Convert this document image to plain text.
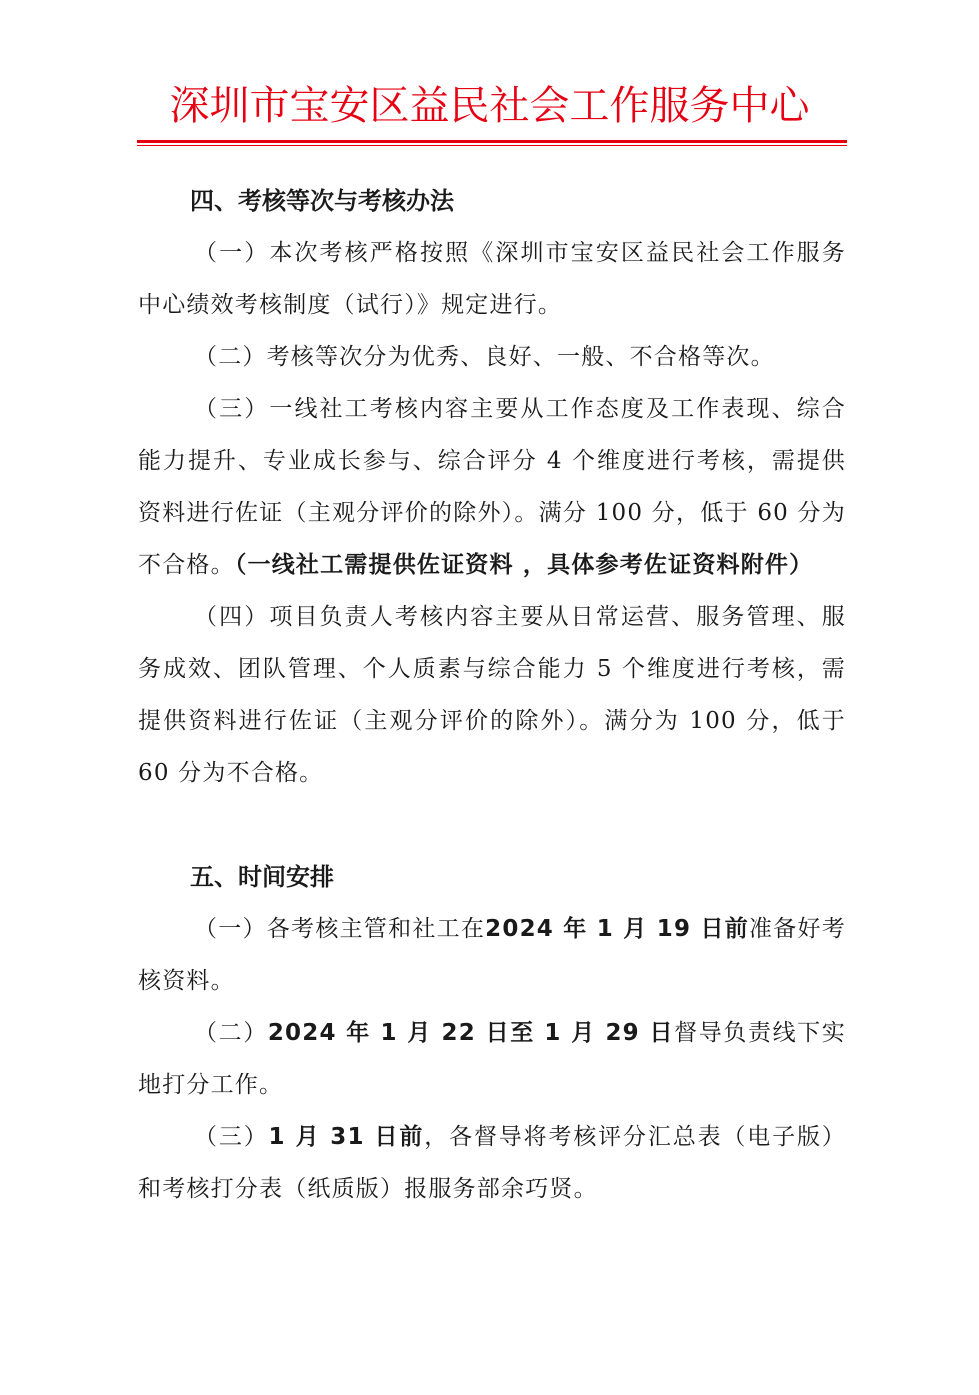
深圳市宝安区益民社会工作服务中心

四、考核等次与考核办法

（一）本次考核严格按照《深圳市宝安区益民社会工作服务中心绩效考核制度（试行）》规定进行。

（二）考核等次分为优秀、良好、一般、不合格等次。

（三）一线社工考核内容主要从工作态度及工作表现、综合能力提升、专业成长参与、综合评分 4 个维度进行考核，需提供资料进行佐证（主观分评价的除外）。满分 100 分，低于 60 分为不合格。（一线社工需提供佐证资料 ，具体参考佐证资料附件）

（四）项目负责人考核内容主要从日常运营、服务管理、服务成效、团队管理、个人质素与综合能力 5 个维度进行考核，需提供资料进行佐证（主观分评价的除外）。满分为 100 分，低于 60 分为不合格。

五、时间安排

（一）各考核主管和社工在2024 年 1 月 19 日前准备好考核资料。

（二）2024 年 1 月 22 日至 1 月 29 日督导负责线下实地打分工作。

（三）1 月 31 日前，各督导将考核评分汇总表（电子版）和考核打分表（纸质版）报服务部余巧贤。
